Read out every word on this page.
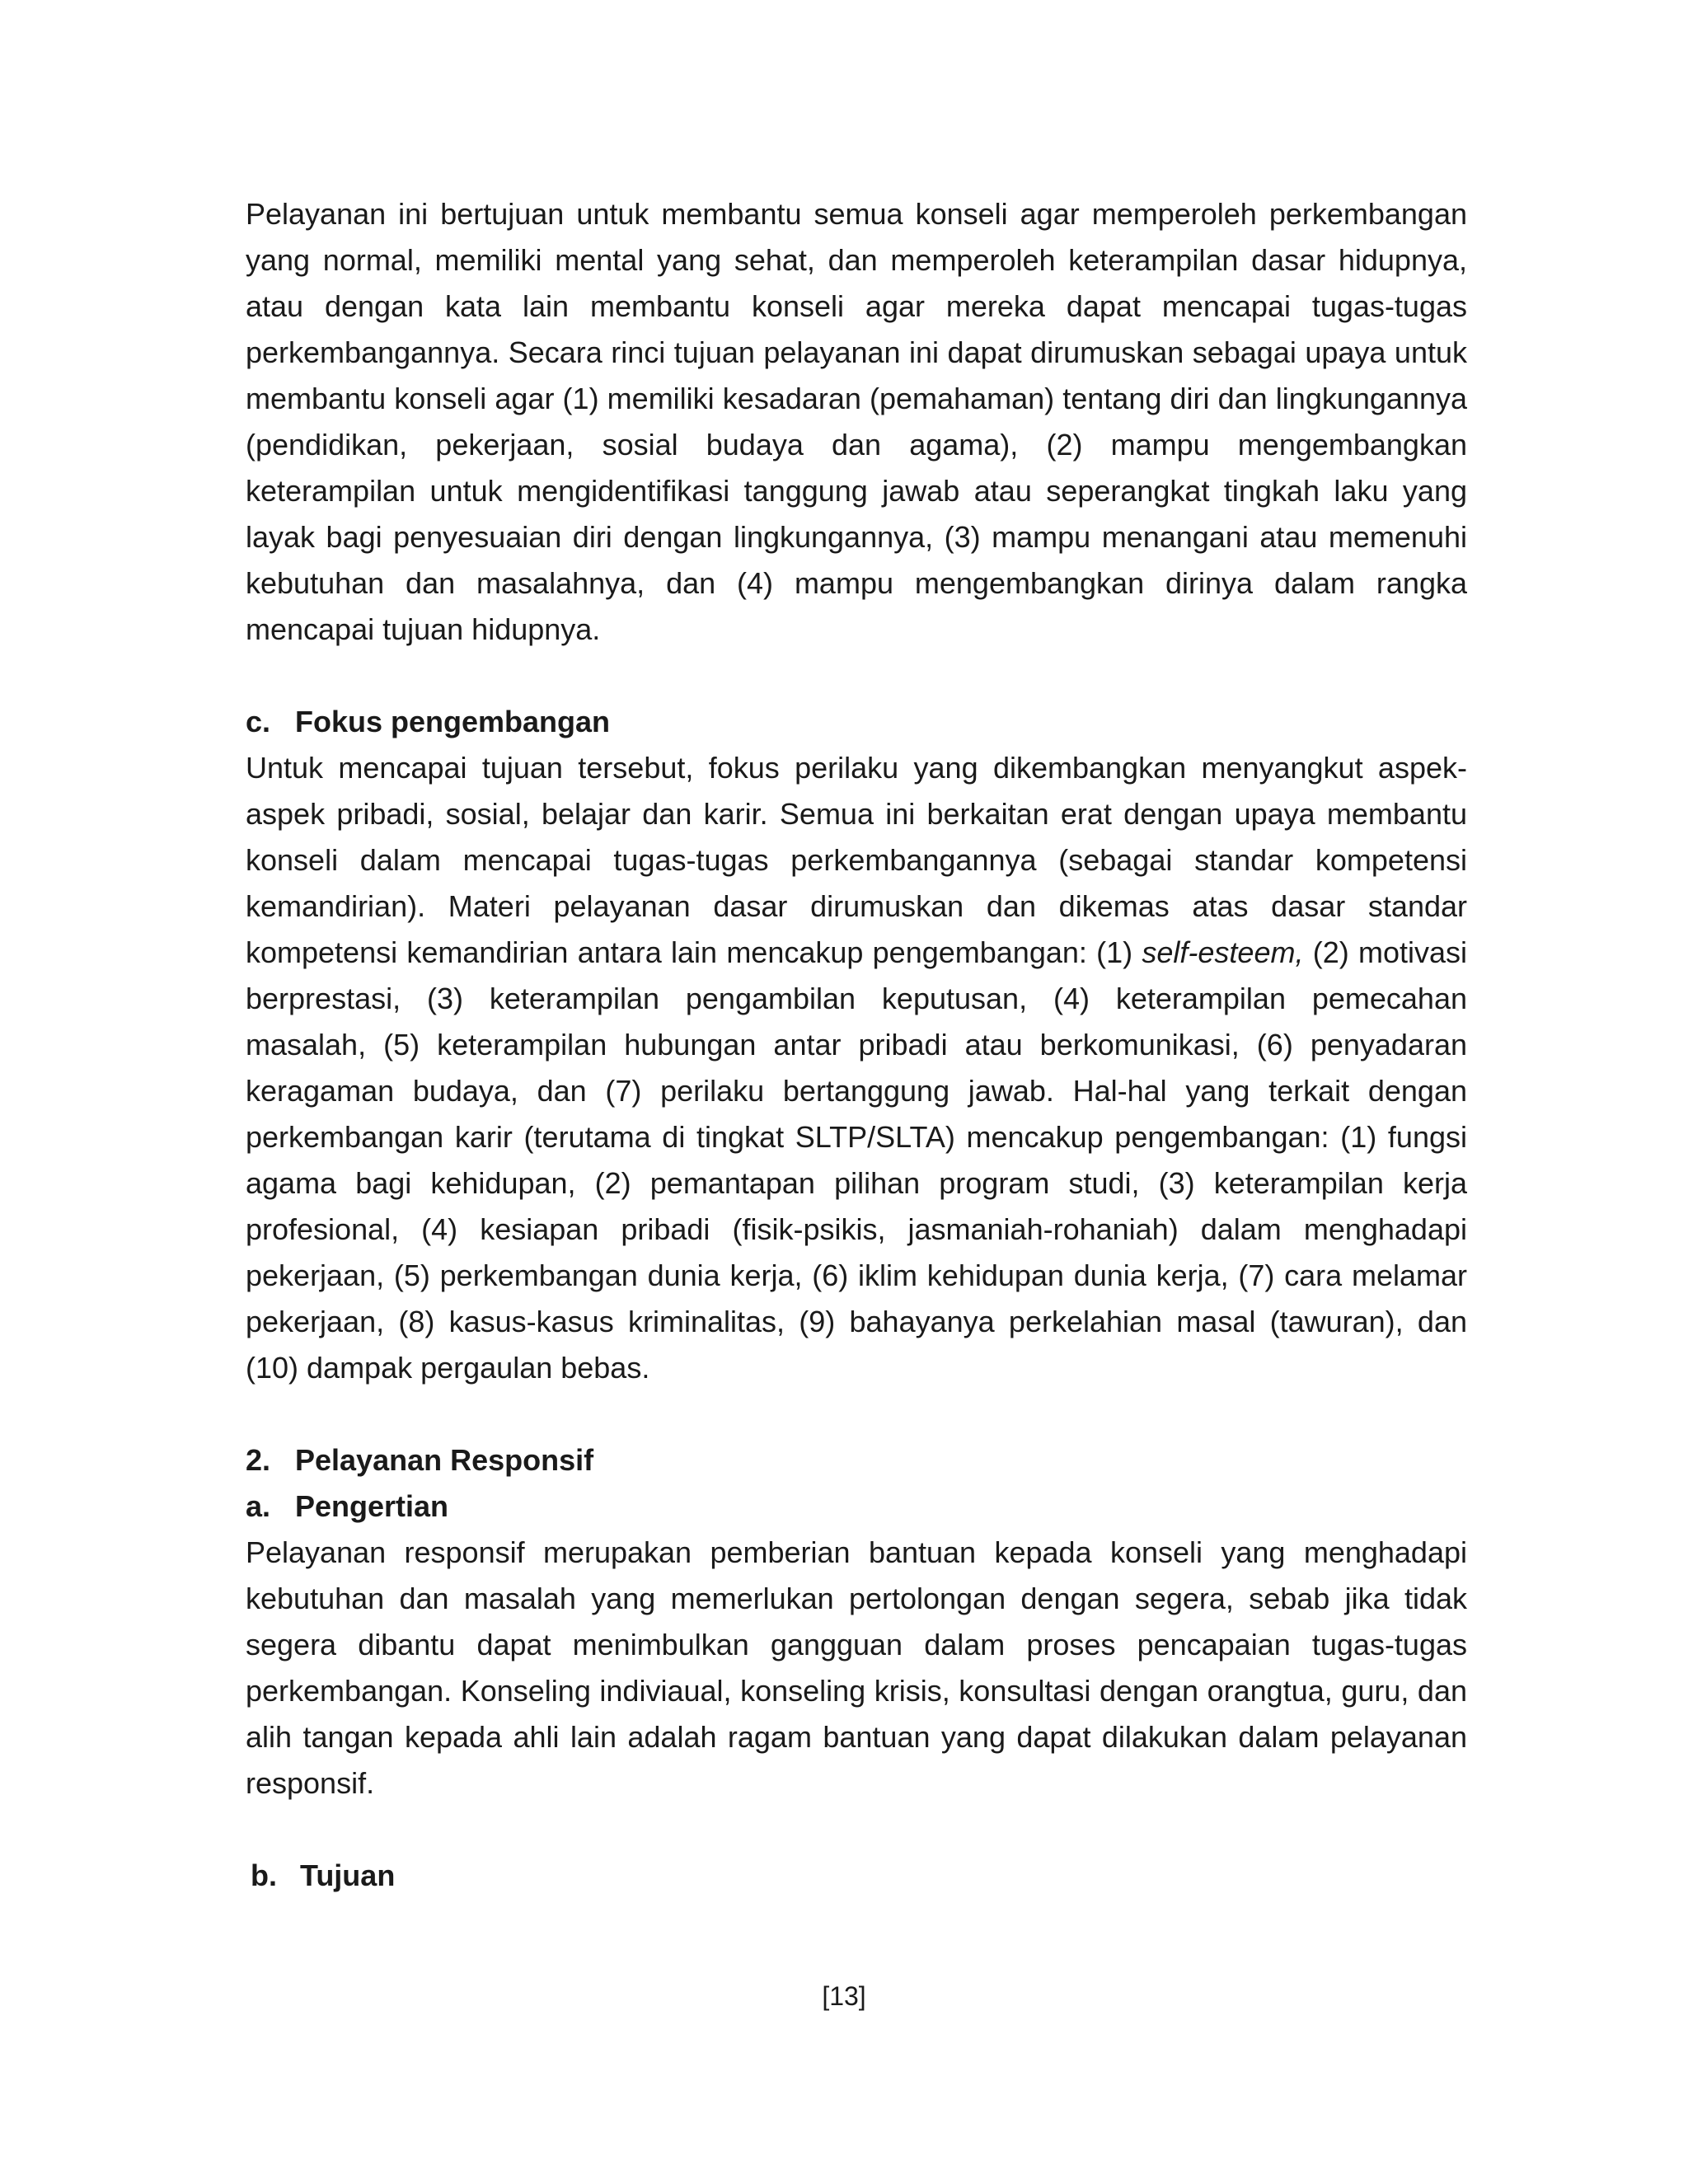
Pelayanan ini bertujuan untuk membantu semua konseli agar memperoleh perkembangan yang normal, memiliki mental yang sehat, dan memperoleh keterampilan dasar hidupnya, atau dengan kata lain membantu konseli agar mereka dapat mencapai tugas-tugas perkembangannya. Secara rinci tujuan pelayanan ini dapat dirumuskan sebagai upaya untuk membantu konseli agar (1) memiliki kesadaran (pemahaman) tentang diri dan lingkungannya (pendidikan, pekerjaan, sosial budaya dan agama), (2) mampu mengembangkan keterampilan untuk mengidentifikasi tanggung jawab atau seperangkat tingkah laku yang layak bagi penyesuaian diri dengan lingkungannya, (3) mampu menangani atau memenuhi kebutuhan dan masalahnya, dan (4) mampu mengembangkan dirinya dalam rangka mencapai tujuan hidupnya.

c. Fokus pengembangan

Untuk mencapai tujuan tersebut, fokus perilaku yang dikembangkan menyangkut aspek-aspek pribadi, sosial, belajar dan karir. Semua ini berkaitan erat dengan upaya membantu konseli dalam mencapai tugas-tugas perkembangannya (sebagai standar kompetensi kemandirian). Materi pelayanan dasar dirumuskan dan dikemas atas dasar standar kompetensi kemandirian antara lain mencakup pengembangan: (1) self-esteem, (2) motivasi berprestasi, (3) keterampilan pengambilan keputusan, (4) keterampilan pemecahan masalah, (5) keterampilan hubungan antar pribadi atau berkomunikasi, (6) penyadaran keragaman budaya, dan (7) perilaku bertanggung jawab. Hal-hal yang terkait dengan perkembangan karir (terutama di tingkat SLTP/SLTA) mencakup pengembangan: (1) fungsi agama bagi kehidupan, (2) pemantapan pilihan program studi, (3) keterampilan kerja profesional, (4) kesiapan pribadi (fisik-psikis, jasmaniah-rohaniah) dalam menghadapi pekerjaan, (5) perkembangan dunia kerja, (6) iklim kehidupan dunia kerja, (7) cara melamar pekerjaan, (8) kasus-kasus kriminalitas, (9) bahayanya perkelahian masal (tawuran), dan (10) dampak pergaulan bebas.

2. Pelayanan Responsif
a. Pengertian

Pelayanan responsif merupakan pemberian bantuan kepada konseli yang menghadapi kebutuhan dan masalah yang memerlukan pertolongan dengan segera, sebab jika tidak segera dibantu dapat menimbulkan gangguan dalam proses pencapaian tugas-tugas perkembangan. Konseling indiviaual, konseling krisis, konsultasi dengan orangtua, guru, dan alih tangan kepada ahli lain adalah ragam bantuan yang dapat dilakukan dalam pelayanan responsif.

b. Tujuan
[13]
